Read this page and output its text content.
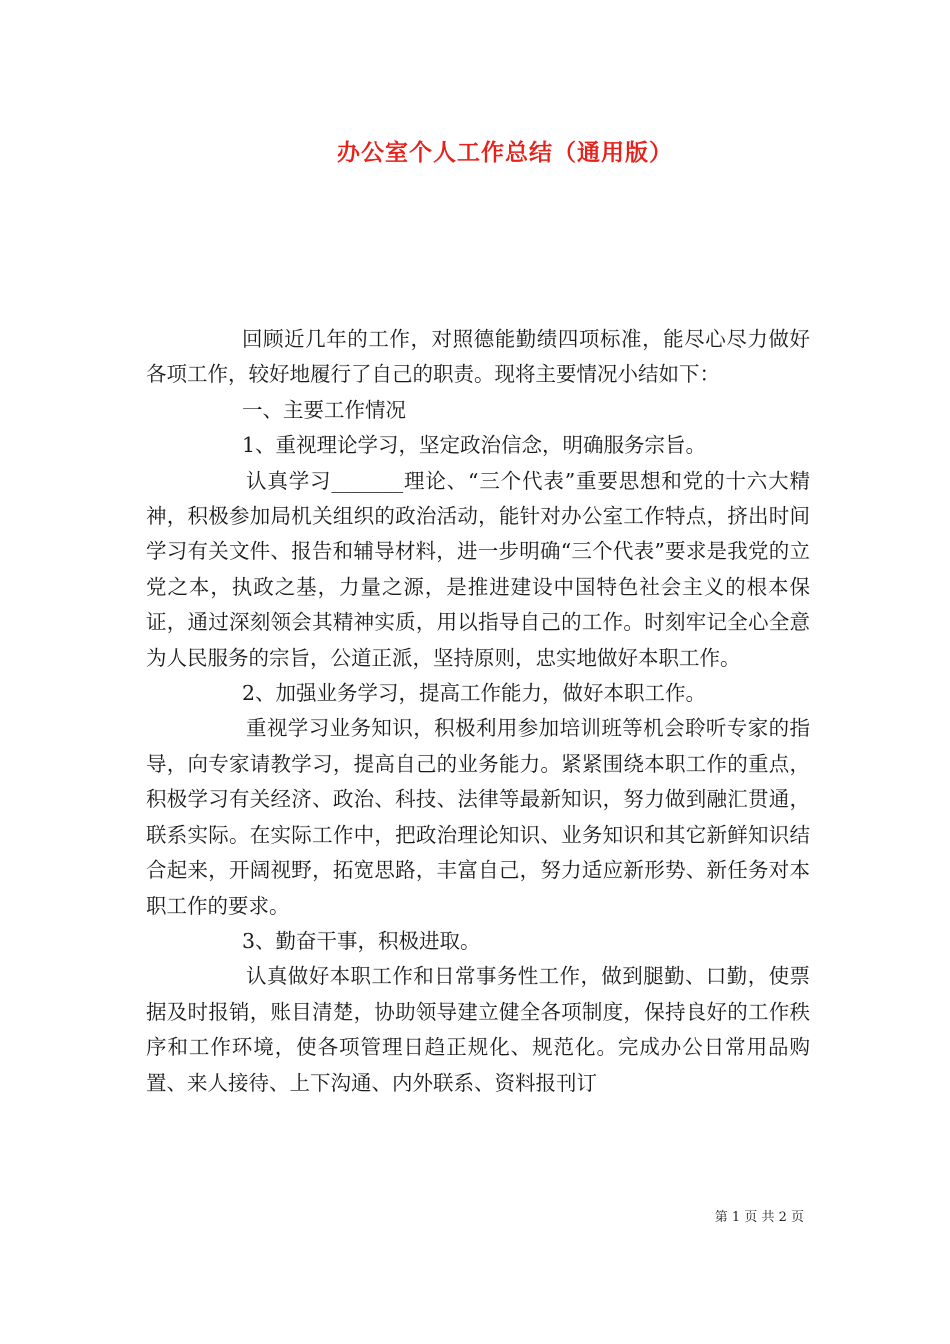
办公室个人工作总结（通用版）

回顾近几年的工作，对照德能勤绩四项标准，能尽心尽力做好各项工作，较好地履行了自己的职责。现将主要情况小结如下：

一、主要工作情况

1、重视理论学习，坚定政治信念，明确服务宗旨。

认真学习_______理论、“三个代表”重要思想和党的十六大精神，积极参加局机关组织的政治活动，能针对办公室工作特点，挤出时间学习有关文件、报告和辅导材料，进一步明确“三个代表”要求是我党的立党之本，执政之基，力量之源，是推进建设中国特色社会主义的根本保证，通过深刻领会其精神实质，用以指导自己的工作。时刻牢记全心全意为人民服务的宗旨，公道正派，坚持原则，忠实地做好本职工作。

2、加强业务学习，提高工作能力，做好本职工作。

重视学习业务知识，积极利用参加培训班等机会聆听专家的指导，向专家请教学习，提高自己的业务能力。紧紧围绕本职工作的重点，积极学习有关经济、政治、科技、法律等最新知识，努力做到融汇贯通，联系实际。在实际工作中，把政治理论知识、业务知识和其它新鲜知识结合起来，开阔视野，拓宽思路，丰富自己，努力适应新形势、新任务对本职工作的要求。

3、勤奋干事，积极进取。

认真做好本职工作和日常事务性工作，做到腿勤、口勤，使票据及时报销，账目清楚，协助领导建立健全各项制度，保持良好的工作秩序和工作环境，使各项管理日趋正规化、规范化。完成办公日常用品购置、来人接待、上下沟通、内外联系、资料报刊订

第 1 页 共 2 页
